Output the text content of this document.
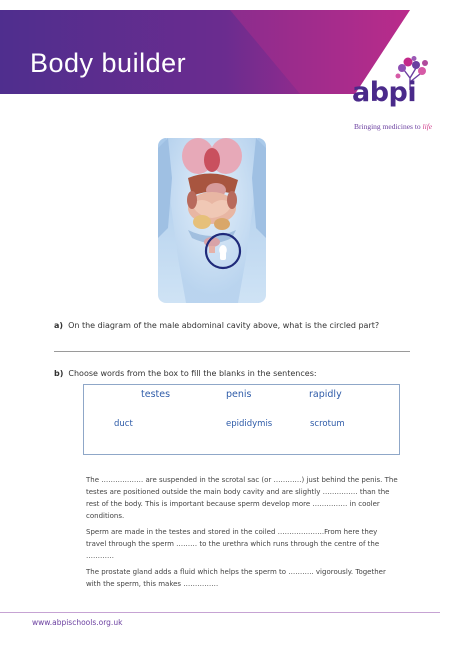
Body builder
abpi
Bringing medicines to life
a) On the diagram of the male abdominal cavity above, what is the circled part?
b) Choose words from the box to fill the blanks in the sentences:
testes	penis	rapidly
duct	epididymis	scrotum

The ……………… are suspended in the scrotal sac (or …………) just behind the penis. The testes are positioned outside the main body cavity and are slightly …………… than the rest of the body. This is important because sperm develop more …………… in cooler conditions.

Sperm are made in the testes and stored in the coiled ………………..From here they travel through the sperm ……… to the urethra which runs through the centre of the …………

The prostate gland adds a fluid which helps the sperm to ……….. vigorously. Together with the sperm, this makes ……………

www.abpischools.org.uk
